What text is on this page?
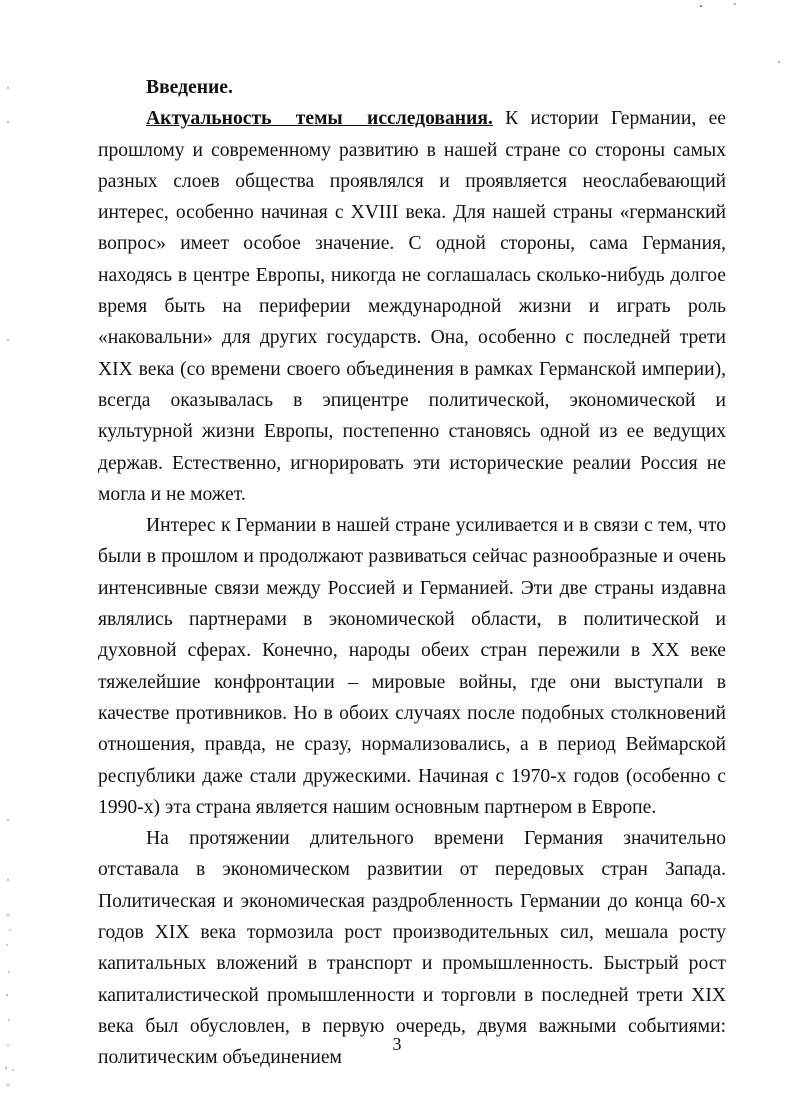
Введение.

Актуальность темы исследования. К истории Германии, ее прошлому и современному развитию в нашей стране со стороны самых разных слоев общества проявлялся и проявляется неослабевающий интерес, особенно начиная с XVIII века. Для нашей страны «германский вопрос» имеет особое значение. С одной стороны, сама Германия, находясь в центре Европы, никогда не соглашалась сколько-нибудь долгое время быть на периферии международной жизни и играть роль «наковальни» для других государств. Она, особенно с последней трети XIX века (со времени своего объединения в рамках Германской империи), всегда оказывалась в эпицентре политической, экономической и культурной жизни Европы, постепенно становясь одной из ее ведущих держав. Естественно, игнорировать эти исторические реалии Россия не могла и не может.

Интерес к Германии в нашей стране усиливается и в связи с тем, что были в прошлом и продолжают развиваться сейчас разнообразные и очень интенсивные связи между Россией и Германией. Эти две страны издавна являлись партнерами в экономической области, в политической и духовной сферах. Конечно, народы обеих стран пережили в XX веке тяжелейшие конфронтации – мировые войны, где они выступали в качестве противников. Но в обоих случаях после подобных столкновений отношения, правда, не сразу, нормализовались, а в период Веймарской республики даже стали дружескими. Начиная с 1970-х годов (особенно с 1990-х) эта страна является нашим основным партнером в Европе.

На протяжении длительного времени Германия значительно отставала в экономическом развитии от передовых стран Запада. Политическая и экономическая раздробленность Германии до конца 60-х годов XIX века тормозила рост производительных сил, мешала росту капитальных вложений в транспорт и промышленность. Быстрый рост капиталистической промышленности и торговли в последней трети XIX века был обусловлен, в первую очередь, двумя важными событиями: политическим объединением

3
